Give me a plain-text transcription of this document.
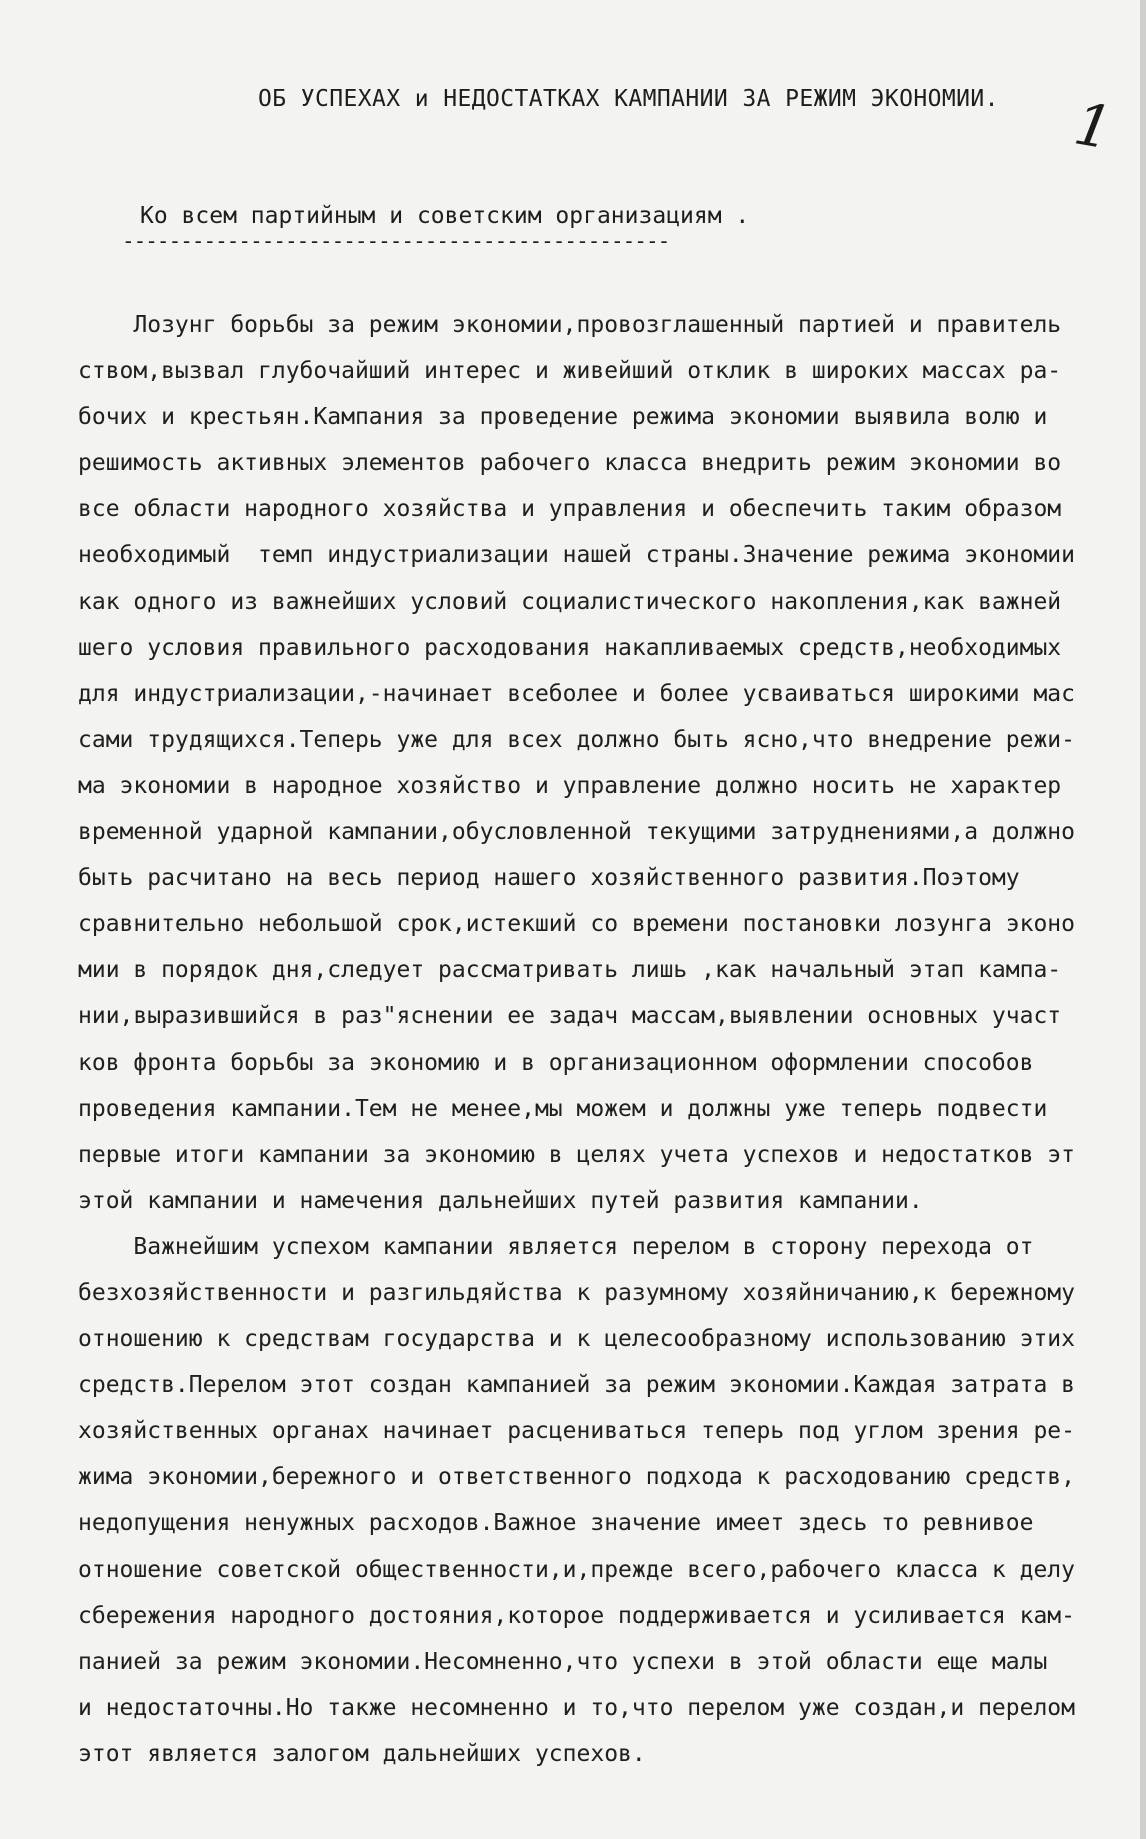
1
ОБ УСПЕХАХ и НЕДОСТАТКАХ КАМПАНИИ ЗА РЕЖИМ ЭКОНОМИИ.
Ко всем партийным и советским организациям .
-----------------------------------------------
Лозунг борьбы за режим экономии,провозглашенный партией и правитель
ством,вызвал глубочайший интерес и живейший отклик в широких массах ра-
бочих и крестьян.Кампания за проведение режима экономии выявила волю и
решимость активных элементов рабочего класса внедрить режим экономии во
все области народного хозяйства и управления и обеспечить таким образом
необходимый  темп индустриализации нашей страны.Значение режима экономии
как одного из важнейших условий социалистического накопления,как важней
шего условия правильного расходования накапливаемых средств,необходимых
для индустриализации,-начинает всеболее и более усваиваться широкими мас
сами трудящихся.Теперь уже для всех должно быть ясно,что внедрение режи-
ма экономии в народное хозяйство и управление должно носить не характер
временной ударной кампании,обусловленной текущими затруднениями,а должно
быть расчитано на весь период нашего хозяйственного развития.Поэтому
сравнительно небольшой срок,истекший со времени постановки лозунга эконо
мии в порядок дня,следует рассматривать лишь ,как начальный этап кампа-
нии,выразившийся в раз"яснении ее задач массам,выявлении основных участ
ков фронта борьбы за экономию и в организационном оформлении способов
проведения кампании.Тем не менее,мы можем и должны уже теперь подвести
первые итоги кампании за экономию в целях учета успехов и недостатков эт
этой кампании и намечения дальнейших путей развития кампании.
Важнейшим успехом кампании является перелом в сторону перехода от
безхозяйственности и разгильдяйства к разумному хозяйничанию,к бережному
отношению к средствам государства и к целесообразному использованию этих
средств.Перелом этот создан кампанией за режим экономии.Каждая затрата в
хозяйственных органах начинает расцениваться теперь под углом зрения ре-
жима экономии,бережного и ответственного подхода к расходованию средств,
недопущения ненужных расходов.Важное значение имеет здесь то ревнивое
отношение советской общественности,и,прежде всего,рабочего класса к делу
сбережения народного достояния,которое поддерживается и усиливается кам-
панией за режим экономии.Несомненно,что успехи в этой области еще малы
и недостаточны.Но также несомненно и то,что перелом уже создан,и перелом
этот является залогом дальнейших успехов.
